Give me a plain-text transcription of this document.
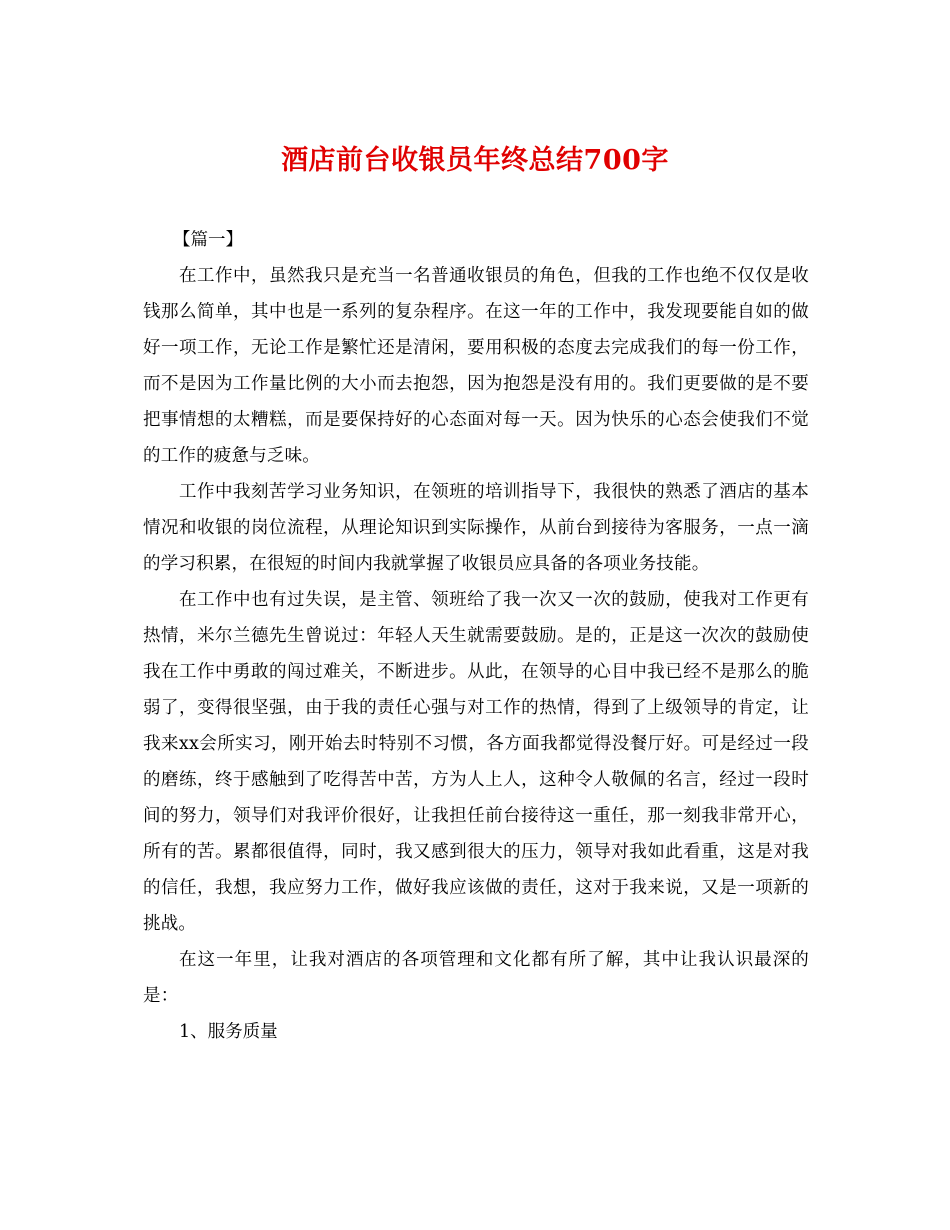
酒店前台收银员年终总结700字

【篇一】

在工作中，虽然我只是充当一名普通收银员的角色，但我的工作也绝不仅仅是收钱那么简单，其中也是一系列的复杂程序。在这一年的工作中，我发现要能自如的做好一项工作，无论工作是繁忙还是清闲，要用积极的态度去完成我们的每一份工作，而不是因为工作量比例的大小而去抱怨，因为抱怨是没有用的。我们更要做的是不要把事情想的太糟糕，而是要保持好的心态面对每一天。因为快乐的心态会使我们不觉的工作的疲惫与乏味。

工作中我刻苦学习业务知识，在领班的培训指导下，我很快的熟悉了酒店的基本情况和收银的岗位流程，从理论知识到实际操作，从前台到接待为客服务，一点一滴的学习积累，在很短的时间内我就掌握了收银员应具备的各项业务技能。

在工作中也有过失误，是主管、领班给了我一次又一次的鼓励，使我对工作更有热情，米尔兰德先生曾说过：年轻人天生就需要鼓励。是的，正是这一次次的鼓励使我在工作中勇敢的闯过难关，不断进步。从此，在领导的心目中我已经不是那么的脆弱了，变得很坚强，由于我的责任心强与对工作的热情，得到了上级领导的肯定，让我来xx会所实习，刚开始去时特别不习惯，各方面我都觉得没餐厅好。可是经过一段的磨练，终于感触到了吃得苦中苦，方为人上人，这种令人敬佩的名言，经过一段时间的努力，领导们对我评价很好，让我担任前台接待这一重任，那一刻我非常开心，所有的苦。累都很值得，同时，我又感到很大的压力，领导对我如此看重，这是对我的信任，我想，我应努力工作，做好我应该做的责任，这对于我来说，又是一项新的挑战。

在这一年里，让我对酒店的各项管理和文化都有所了解，其中让我认识最深的是：

1、服务质量
